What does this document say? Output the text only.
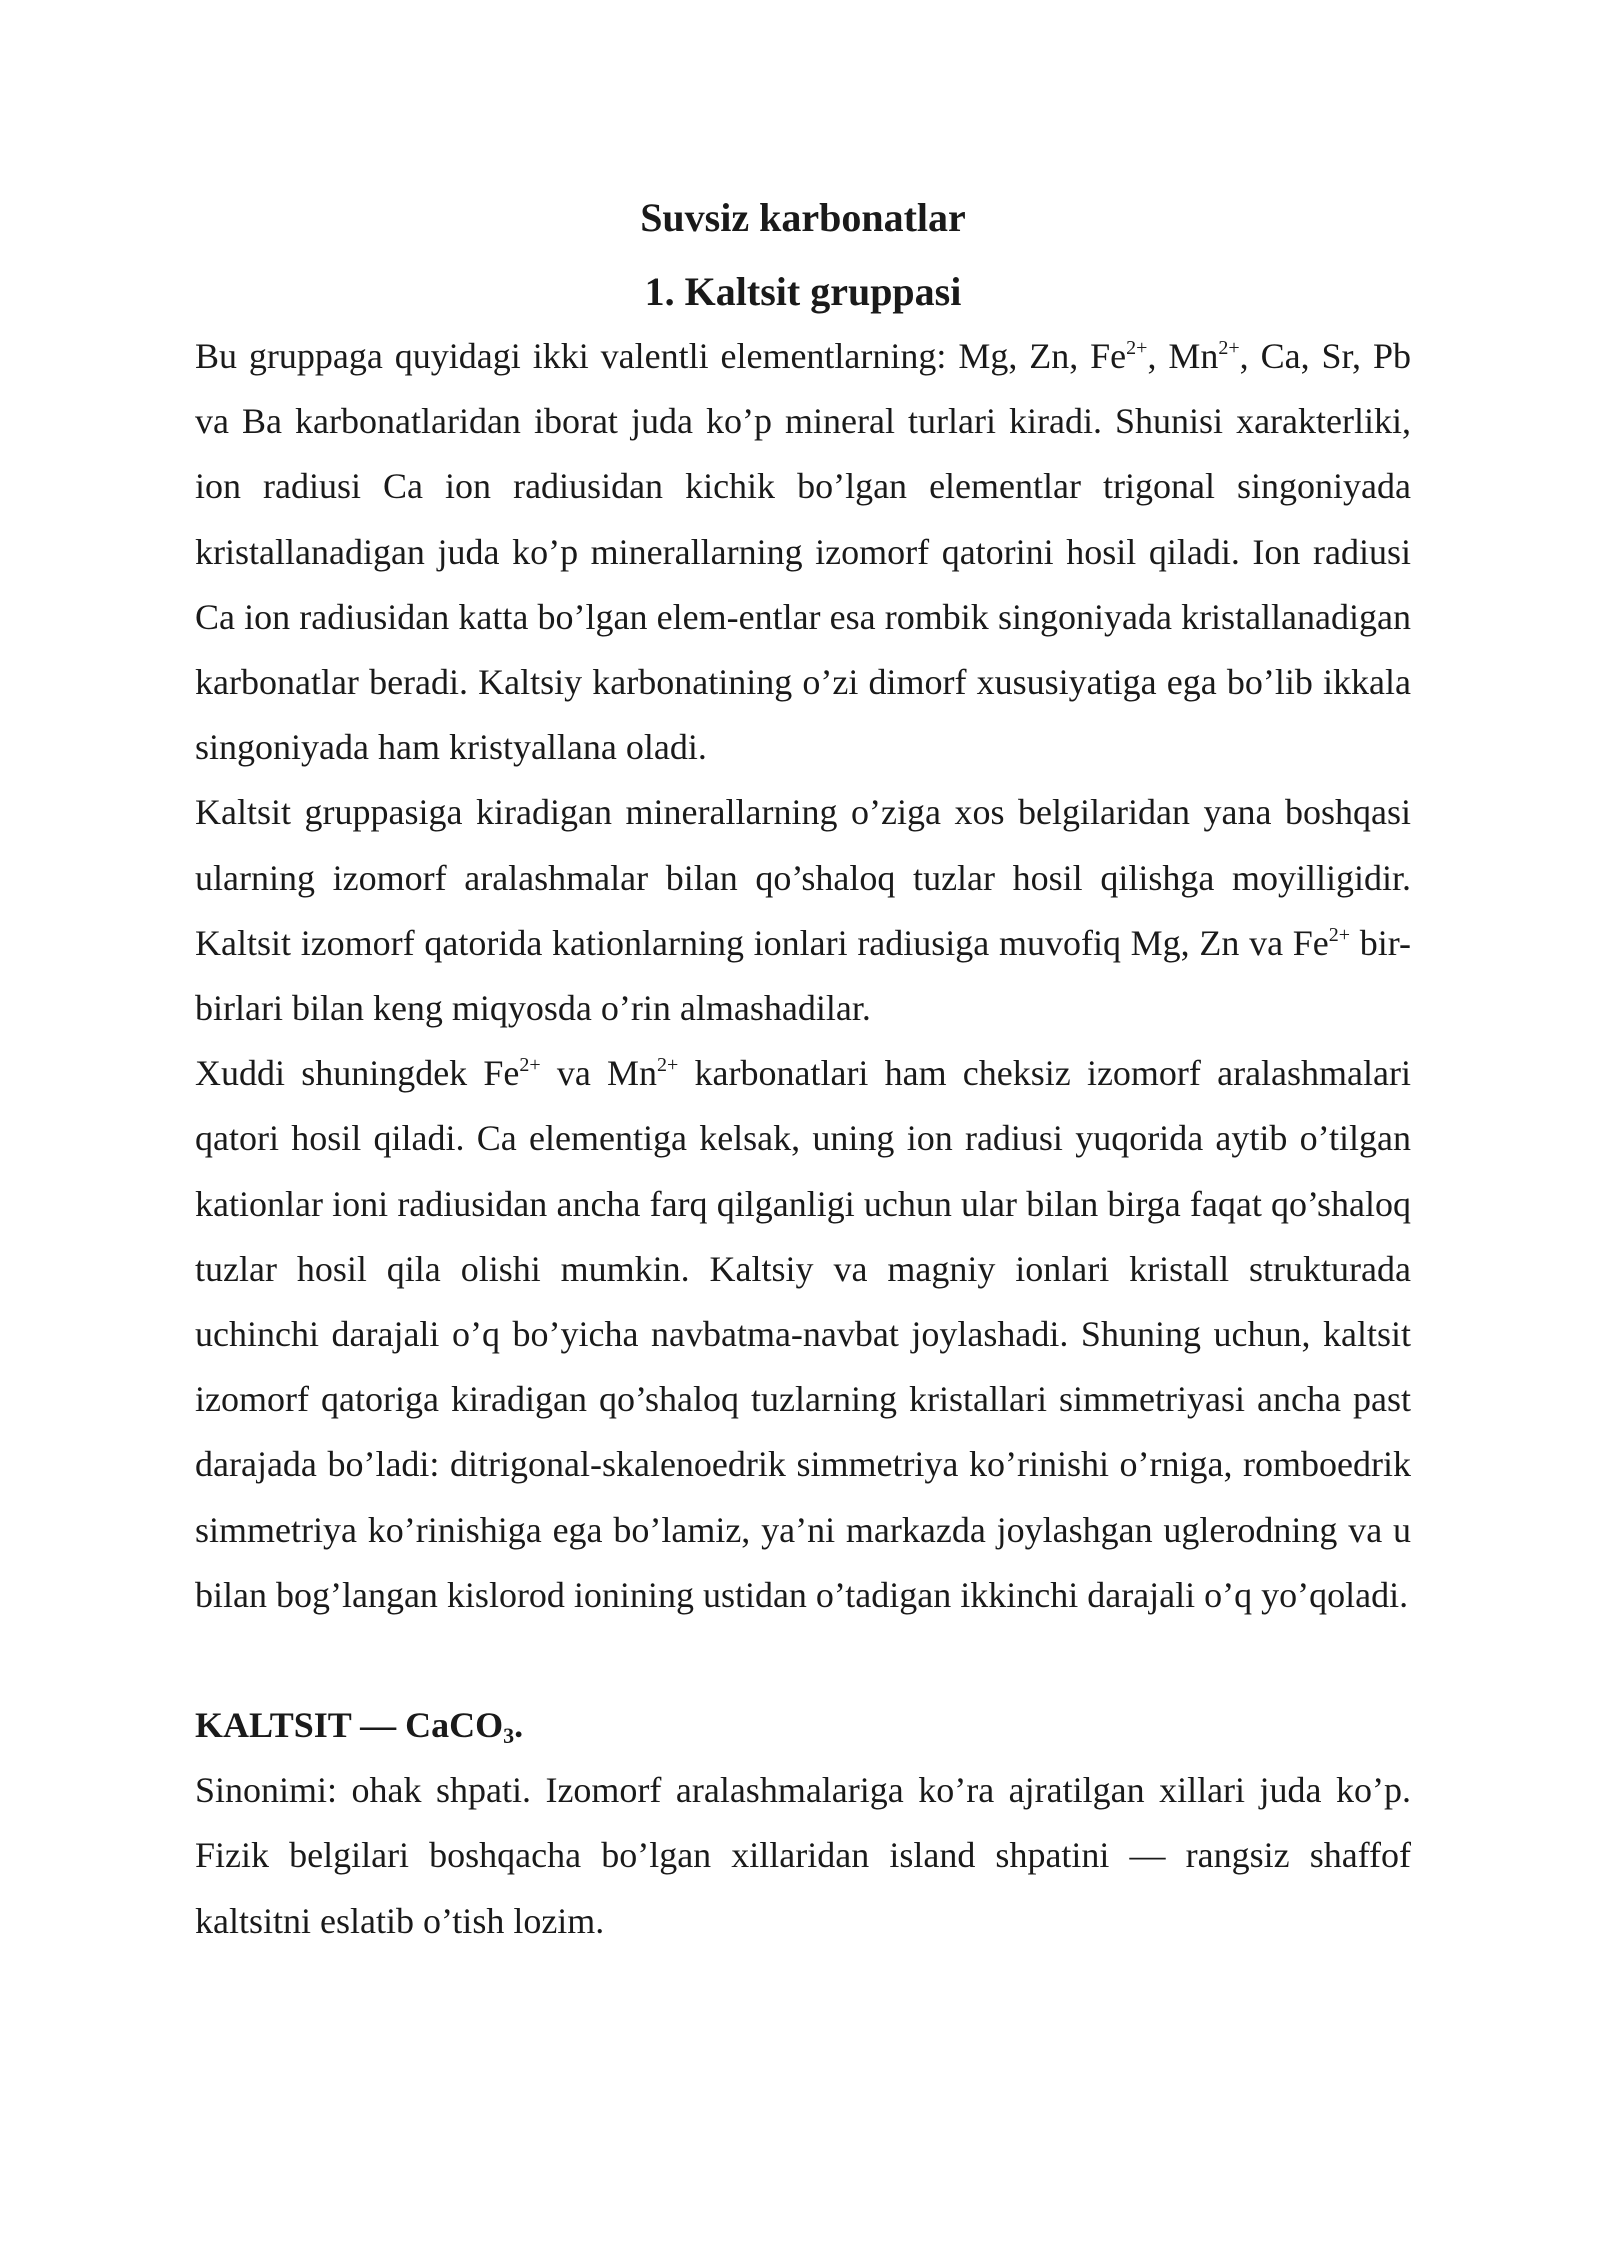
Suvsiz karbonatlar
1. Kaltsit gruppasi

Bu gruppaga quyidagi ikki valentli elementlarning: Mg, Zn, $Fe^{2+}$, $Mn^{2+}$, Ca, Sr, Pb va Ba karbonatlaridan iborat juda ko’p mineral turlari kiradi. Shunisi xarakterliki, ion radiusi Ca ion radiusidan kichik bo’lgan elementlar trigonal singoniyada kristallanadigan juda ko’p minerallarning izomorf qatorini hosil qiladi. Ion radiusi Ca ion radiusidan katta bo’lgan elem-entlar esa rombik singoniyada kristallanadigan karbonatlar beradi. Kaltsiy karbonatining o’zi dimorf xususiyatiga ega bo’lib ikkala singoniyada ham kristyallana oladi.

Kaltsit gruppasiga kiradigan minerallarning o’ziga xos belgilaridan yana boshqasi ularning izomorf aralashmalar bilan qo’shaloq tuzlar hosil qilishga moyilligidir. Kaltsit izomorf qatorida kationlarning ionlari radiusiga muvofiq Mg, Zn va $Fe^{2+}$ bir-birlari bilan keng miqyosda o’rin almashadilar.

Xuddi shuningdek $Fe^{2+}$ va $Mn^{2+}$ karbonatlari ham cheksiz izomorf aralashmalari qatori hosil qiladi. Ca elementiga kelsak, uning ion radiusi yuqorida aytib o’tilgan kationlar ioni radiusidan ancha farq qilganligi uchun ular bilan birga faqat qo’shaloq tuzlar hosil qila olishi mumkin. Kaltsiy va magniy ionlari kristall strukturada uchinchi darajali o’q bo’yicha navbatma-navbat joylashadi. Shuning uchun, kaltsit izomorf qatoriga kiradigan qo’shaloq tuzlarning kristallari simmetriyasi ancha past darajada bo’ladi: ditrigonal-skalenoedrik simmetriya ko’rinishi o’rniga, romboedrik simmetriya ko’rinishiga ega bo’lamiz, ya’ni markazda joylashgan uglerodning va u bilan bog’langan kislorod ionining ustidan o’tadigan ikkinchi darajali o’q yo’qoladi.

KALTSIT — CaCO$_3$.

Sinonimi: ohak shpati. Izomorf aralashmalariga ko’ra ajratilgan xillari juda ko’p. Fizik belgilari boshqacha bo’lgan xillaridan island shpatini — rangsiz shaffof kaltsitni eslatib o’tish lozim.
